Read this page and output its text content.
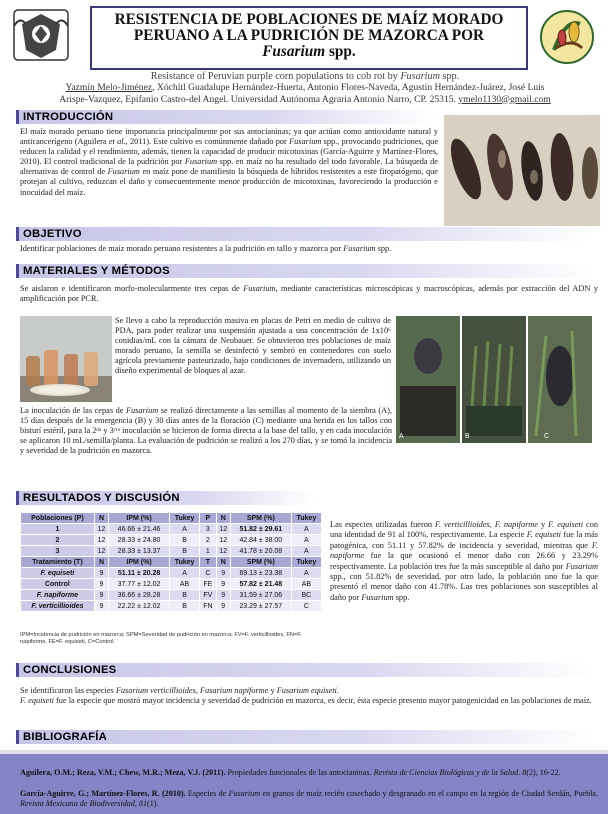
RESISTENCIA DE POBLACIONES DE MAÍZ MORADO
PERUANO A LA PUDRICIÓN DE MAZORCA POR
Fusarium spp.
Resistance of Peruvian purple corn populations to cob rot by Fusarium spp.
Yazmín Melo-Jiménez, Xóchitl Guadalupe Hernández-Huerta, Antonio Flores-Naveda, Agustín Hernández-Juárez, José Luis
Arispe-Vazquez, Epifanio Castro-del Angel. Universidad Autónoma Agraria Antonio Narro, CP. 25315. ymelo1130@gmail.com
INTRODUCCIÓN
El maíz morado peruano tiene importancia principalmente por sus antocianinas; ya que actúan como antioxidante natural y anticancerígeno (Aguilera et al., 2011). Este cultivo es comúnmente dañado por Fusarium spp., provocando pudriciones, que reducen la calidad y el rendimiento, además, tienen la capacidad de producir micotoxinas (García-Aguirre y Martínez-Flores, 2010). El control tradicional de la pudrición por Fusarium spp. en maíz no ha resultado del todo favorable. La búsqueda de alternativas de control de Fusarium en maíz pone de manifiesto la búsqueda de híbridos resistentes a este fitopatógeno, que protejan al cultivo, reduzcan el daño y consecuentemente menor producción de micotoxinas, favoreciendo la producción e inocuidad del maíz.
OBJETIVO
Identificar poblaciones de maíz morado peruano resistentes a la pudrición en tallo y mazorca por Fusarium spp.
MATERIALES Y MÉTODOS
Se aislaron e identificaron morfo-molecularmente tres cepas de Fusarium, mediante características microscópicas y macroscópicas, además por extracción del ADN y amplificación por PCR.
Se llevo a cabo la reproducción masiva en placas de Petri en medio de cultivo de PDA, para poder realizar una suspensión ajustada a una concentración de 1x10⁶ conidias/mL con la cámara de Neubauer. Se obtuvieron tres poblaciones de maíz morado peruano, la semilla se desinfectó y sembró en contenedores con suelo agrícola previamente pasteurizado, bajo condiciones de invernadero, utilizando un diseño experimental de bloques al azar.
A	B	C
La inoculación de las cepas de Fusarium se realizó directamente a las semillas al momento de la siembra (A), 15 días después de la emergencia (B) y 30 días antes de la floración (C) mediante una herida en los tallos con bisturí estéril, para la 2ᵈᵃ y 3ᶜʳᵃ inoculación se hicieron de forma directa a la base del tallo, y en cada inoculación se aplicaron 10 mL/semilla/planta. La evaluación de pudrición se realizó a los 270 días, y se tomó la incidencia y severidad de la pudrición en mazorca.
RESULTADOS Y DISCUSIÓN
Poblaciones (P)	N	IPM (%)	Tukey	P	N	SPM (%)	Tukey
1	12	46.66 ± 21.46	A	3	12	51.82 ± 29.61	A
2	12	28.33 ± 24.80	B	2	12	42.84 ± 38.00	A
3	12	28.33 ± 13.37	B	1	12	41.78 ± 20.08	A
Tratamiento (T)	N	IPM (%)	Tukey	T	N	SPM (%)	Tukey
F. equiseti	9	51.11 ± 20.28	A	C	9	69.13 ± 23.38	A
Control	9	37.77 ± 12.02	AB	FE	9	57.82 ± 21.48	AB
F. napiforme	9	36.66 ± 28.28	B	FV	9	31.59 ± 27.06	BC
F. verticillioides	9	22.22 ± 12.02	B	FN	9	23.29 ± 27.57	C
IPM=Incidencia de pudrición en mazorca; SPM=Severidad de pudrición en mazorca; FV=F. verticillioides, FN=F. napiforme, FE=F. equiseti, C=Control.
Las especies utilizadas fueron F. verticillioides, F. napiforme y F. equiseti con una identidad de 91 al 100%, respectivamente. La especie F. equiseti fue la más patogénica, con 51.11 y 57.82% de incidencia y severidad, mientras que F. napiforme fue la que ocasionó el menor daño con 26.66 y 23.29% respectivamente. La población tres fue la más susceptible al daño por Fusarium spp., con 51.82% de severidad, por otro lado, la población uno fue la que presentó el menor daño con 41.78%. Las tres poblaciones son susceptibles al daño por Fusarium spp.
CONCLUSIONES
Se identificaron las especies Fusarium verticillioides, Fusarium napiforme y Fusarium equiseti.
F. equiseti fue la especie que mostró mayor incidencia y severidad de pudrición en mazorca, es decir, ésta especie presento mayor patogenicidad en las poblaciones de maíz.
BIBLIOGRAFÍA
Aguilera, O.M.; Reza, V.M.; Chew, M.R.; Meza, V.J. (2011). Propiedades funcionales de las antocianinas. Revista de Ciencias Biológicas y de la Salud. 8(2), 16-22.
García-Aguirre, G.; Martínez-Flores, R. (2010). Especies de Fusarium en granos de maíz recién cosechado y desgranado en el campo en la región de Ciudad Serdán, Puebla. Revista Mexicana de Biodiversidad, 81(1).
